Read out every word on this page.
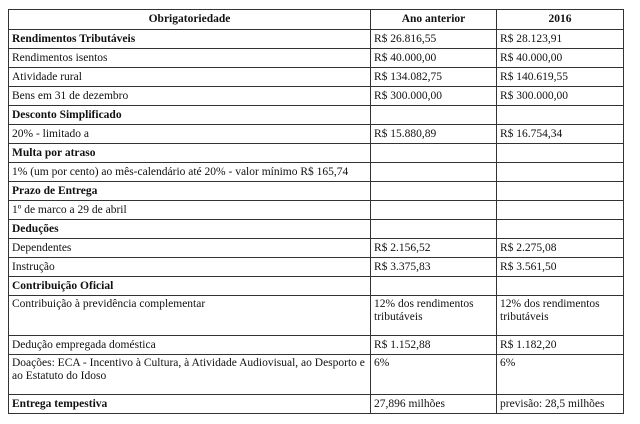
Obrigatoriedade	Ano anterior	2016
Rendimentos Tributáveis	R$ 26.816,55	R$ 28.123,91
Rendimentos isentos	R$ 40.000,00	R$ 40.000,00
Atividade rural	R$ 134.082,75	R$ 140.619,55
Bens em 31 de dezembro	R$ 300.000,00	R$ 300.000,00
Desconto Simplificado		
20% - limitado a	R$ 15.880,89	R$ 16.754,34
Multa por atraso		
1% (um por cento) ao mês-calendário até 20% - valor mínimo R$ 165,74		
Prazo de Entrega		
1º de marco a 29 de abril		
Deduções		
Dependentes	R$ 2.156,52	R$ 2.275,08
Instrução	R$ 3.375,83	R$ 3.561,50
Contribuição Oficial		
Contribuição à previdência complementar	12% dos rendimentos tributáveis	12% dos rendimentos tributáveis
Dedução empregada doméstica	R$ 1.152,88	R$ 1.182,20
Doações: ECA - Incentivo à Cultura, à Atividade Audiovisual, ao Desporto e ao Estatuto do Idoso	6%	6%
Entrega tempestiva	27,896 milhões	previsão: 28,5 milhões
